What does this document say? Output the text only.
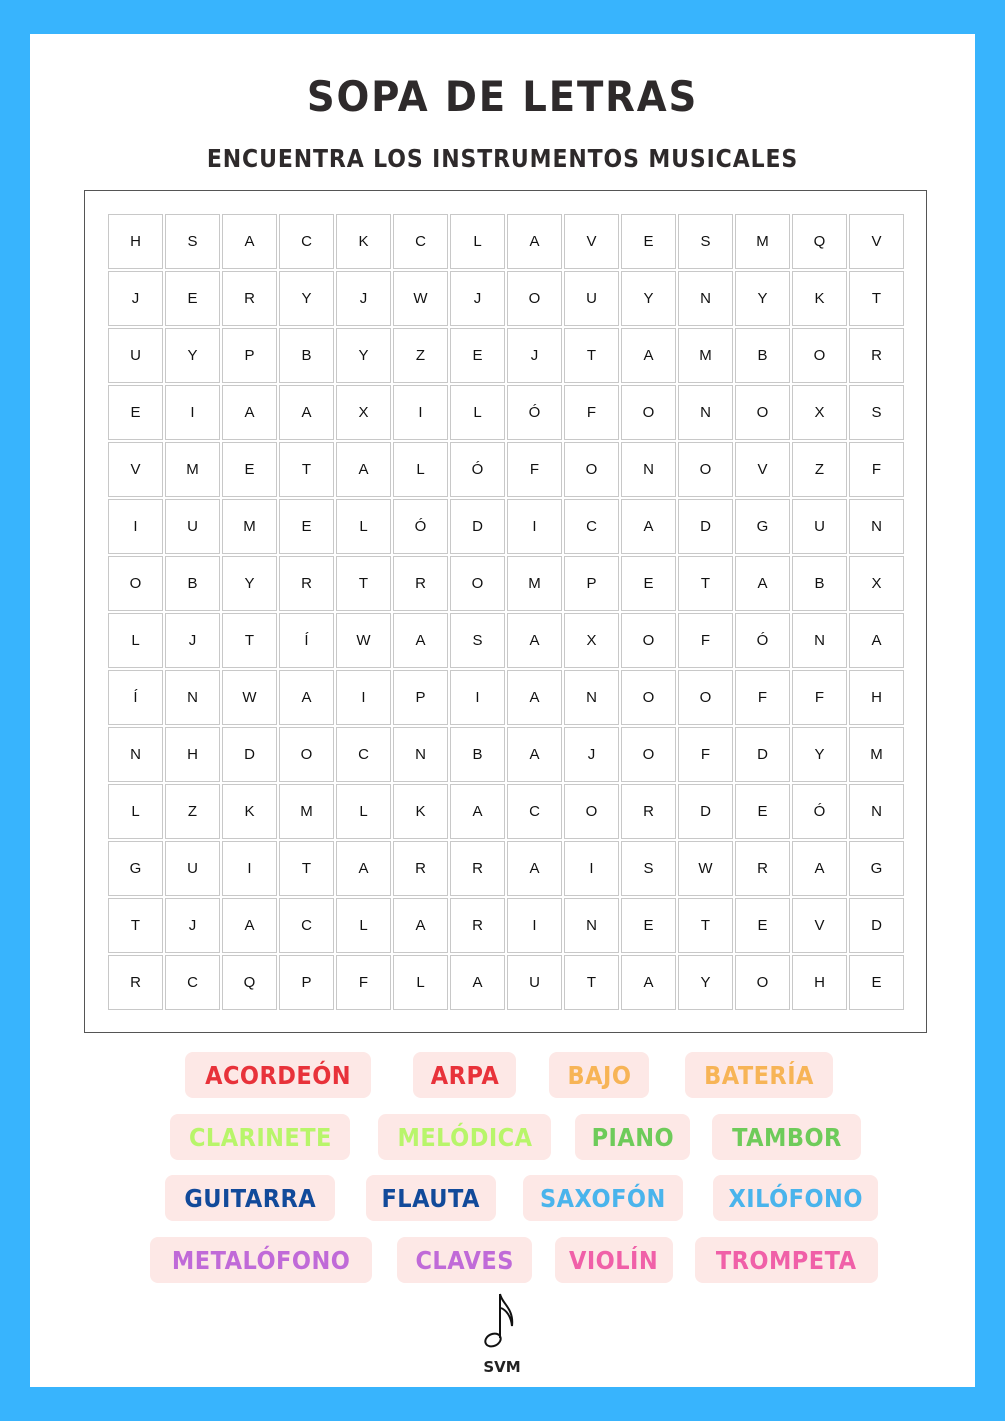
SOPA DE LETRAS
ENCUENTRA LOS INSTRUMENTOS MUSICALES
H	S	A	C	K	C	L	A	V	E	S	M	Q	V
J	E	R	Y	J	W	J	O	U	Y	N	Y	K	T
U	Y	P	B	Y	Z	E	J	T	A	M	B	O	R
E	I	A	A	X	I	L	Ó	F	O	N	O	X	S
V	M	E	T	A	L	Ó	F	O	N	O	V	Z	F
I	U	M	E	L	Ó	D	I	C	A	D	G	U	N
O	B	Y	R	T	R	O	M	P	E	T	A	B	X
L	J	T	Í	W	A	S	A	X	O	F	Ó	N	A
Í	N	W	A	I	P	I	A	N	O	O	F	F	H
N	H	D	O	C	N	B	A	J	O	F	D	Y	M
L	Z	K	M	L	K	A	C	O	R	D	E	Ó	N
G	U	I	T	A	R	R	A	I	S	W	R	A	G
T	J	A	C	L	A	R	I	N	E	T	E	V	D
R	C	Q	P	F	L	A	U	T	A	Y	O	H	E
ACORDEÓN	ARPA	BAJO	BATERÍA
CLARINETE	MELÓDICA PIANO TAMBOR
GUITARRA	FLAUTA SAXOFÓN XILÓFONO
METALÓFONO	CLAVES VIOLÍN TROMPETA
SVM
